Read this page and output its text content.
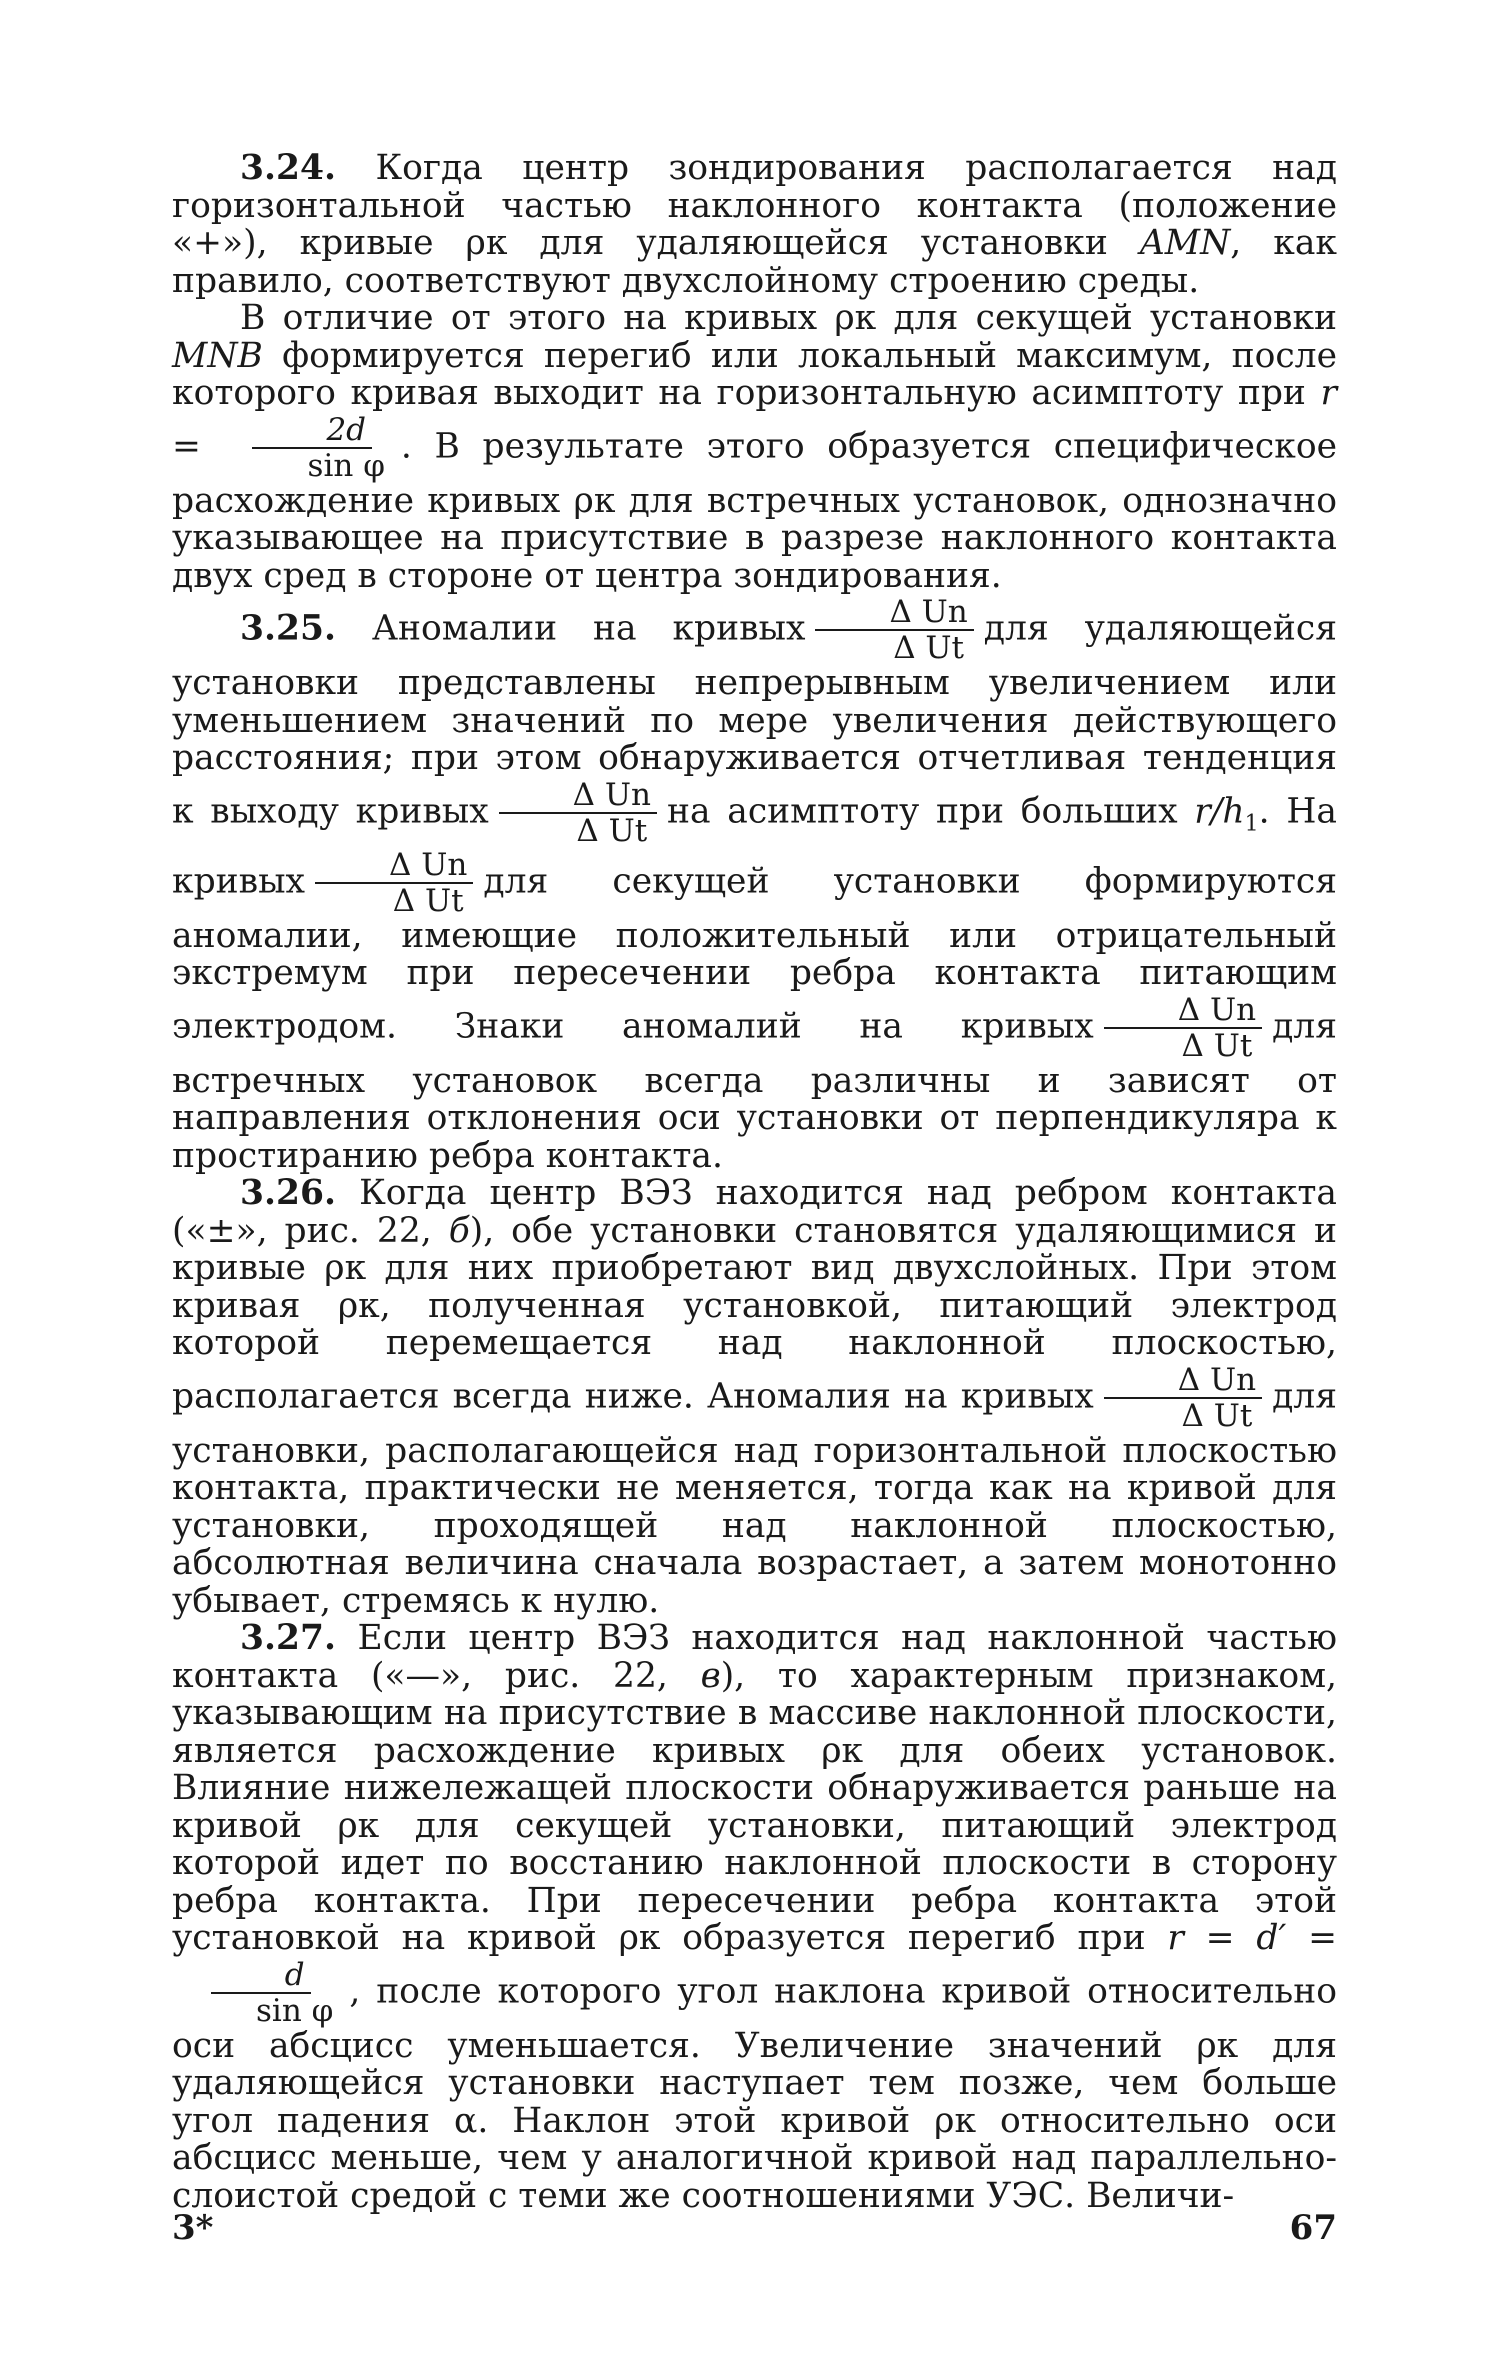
3.24. Когда центр зондирования располагается над горизонтальной частью наклонного контакта (положение «+»), кривые ρк для удаляющейся установки AMN, как правило, соответствуют двухслойному строению среды.

В отличие от этого на кривых ρк для секущей установки MNB формируется перегиб или локальный максимум, после которого кривая выходит на горизонтальную асимптоту при $r = \frac{2d}{\text{sin φ}}$ . В результате этого образуется специфическое расхождение кривых ρк для встречных установок, однозначно указывающее на присутствие в разрезе наклонного контакта двух сред в стороне от центра зондирования.

3.25. Аномалии на кривых $\frac{\text{Δ Un}}{\text{Δ Ut}}$ для удаляющейся установки представлены непрерывным увеличением или уменьшением значений по мере увеличения действующего расстояния; при этом обнаруживается отчетливая тенденция к выходу кривых $\frac{\text{Δ Un}}{\text{Δ Ut}}$ на асимптоту при больших $r/h_1$. На кривых $\frac{\text{Δ Un}}{\text{Δ Ut}}$ для секущей установки формируются аномалии, имеющие положительный или отрицательный экстремум при пересечении ребра контакта питающим электродом. Знаки аномалий на кривых $\frac{\text{Δ Un}}{\text{Δ Ut}}$ для встречных установок всегда различны и зависят от направления отклонения оси установки от перпендикуляра к простиранию ребра контакта.

3.26. Когда центр ВЭЗ находится над ребром контакта («±», рис. 22, б), обе установки становятся удаляющимися и кривые ρк для них приобретают вид двухслойных. При этом кривая ρк, полученная установкой, питающий электрод которой перемещается над наклонной плоскостью, располагается всегда ниже. Аномалия на кривых $\frac{\text{Δ Un}}{\text{Δ Ut}}$ для установки, располагающейся над горизонтальной плоскостью контакта, практически не меняется, тогда как на кривой для установки, проходящей над наклонной плоскостью, абсолютная величина сначала возрастает, а затем монотонно убывает, стремясь к нулю.

3.27. Если центр ВЭЗ находится над наклонной частью контакта («—», рис. 22, в), то характерным признаком, указывающим на присутствие в массиве наклонной плоскости, является расхождение кривых ρк для обеих установок. Влияние нижележащей плоскости обнаруживается раньше на кривой ρк для секущей установки, питающий электрод которой идет по восстанию наклонной плоскости в сторону ребра контакта. При пересечении ребра контакта этой установкой на кривой ρк образуется перегиб при r = d′ =
$\frac{d}{\text{sin φ}}$ , после которого угол наклона кривой относительно оси абсцисс уменьшается. Увеличение значений ρк для удаляющейся установки наступает тем позже, чем больше угол падения α. Наклон этой кривой ρк относительно оси абсцисс меньше, чем у аналогичной кривой над параллельно-слоистой средой с теми же соотношениями УЭС. Величи-

3*	67
